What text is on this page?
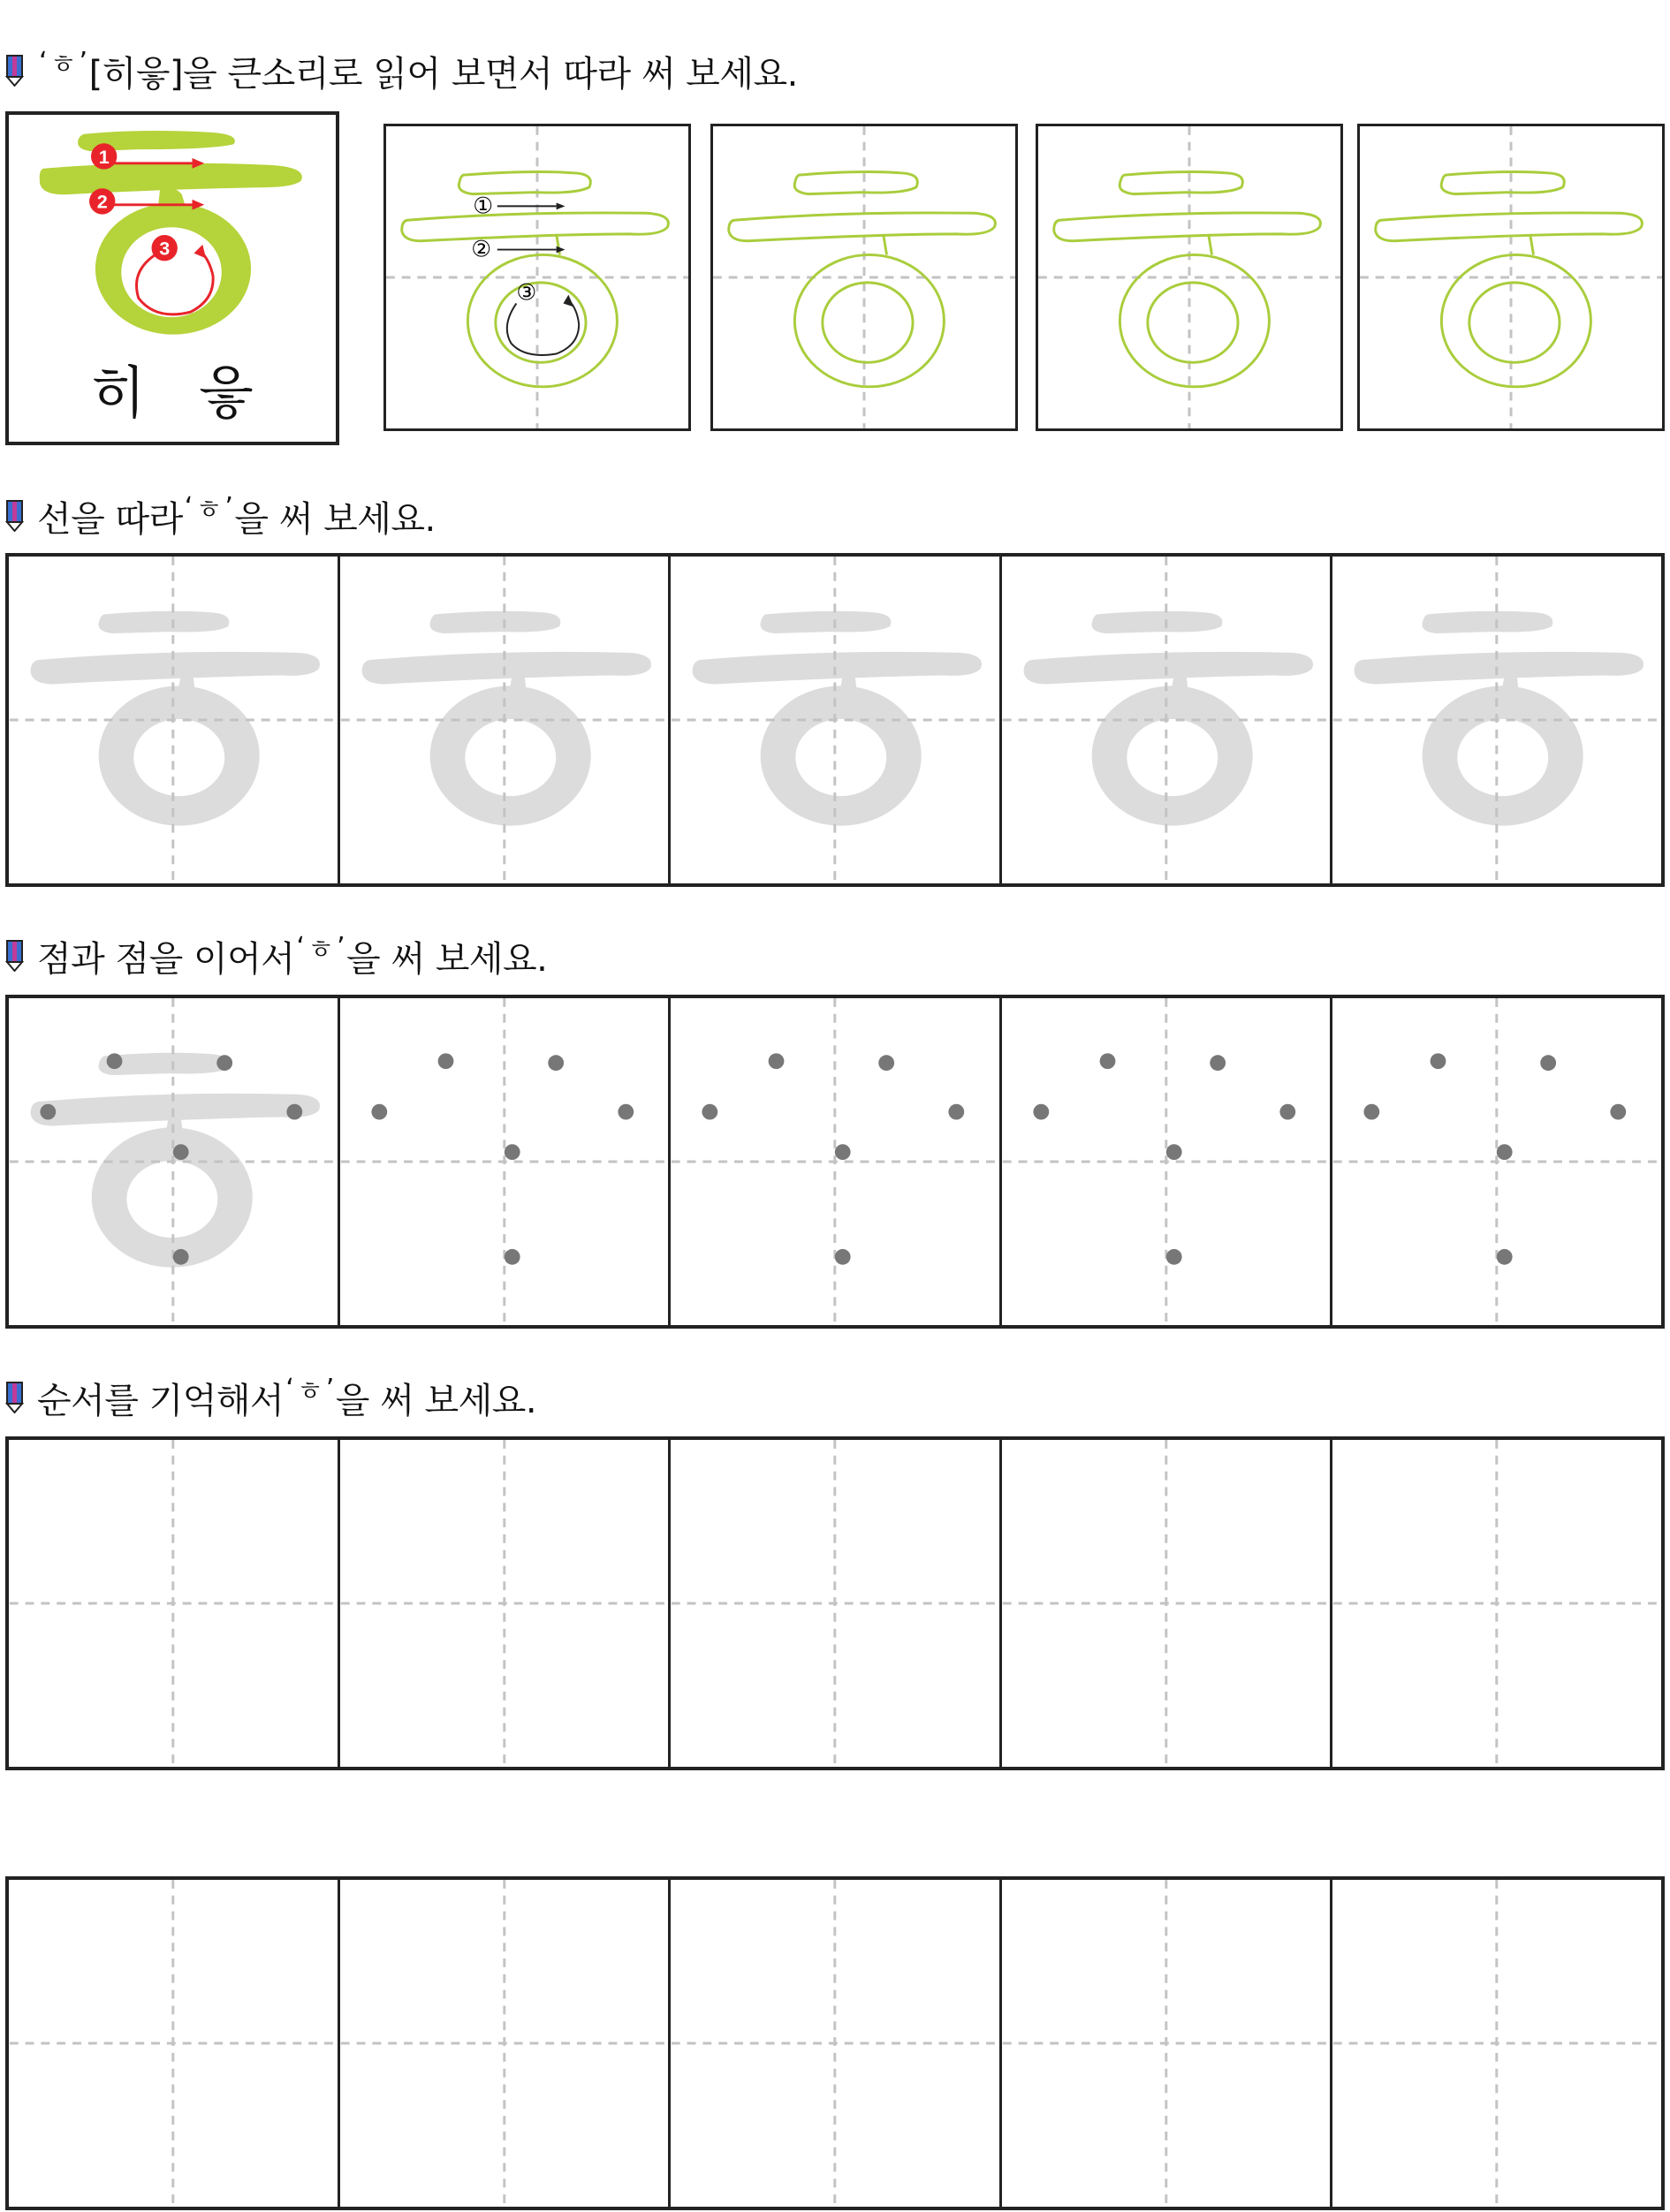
‘ ㅎ ’ [히읗]을 큰소리로 읽어 보면서 따라 써 보세요.
1
2
3
히읗
①
②
③
선을 따라 ‘ ㅎ ’ 을 써 보세요.
점과 점을 이어서 ‘ ㅎ ’ 을 써 보세요.
순서를 기억해서 ‘ ㅎ ’ 을 써 보세요.
